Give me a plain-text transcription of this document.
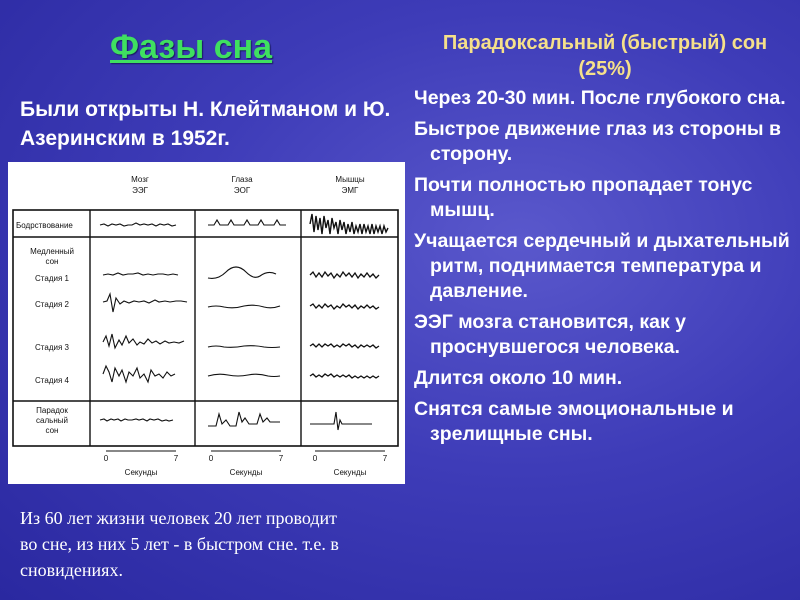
Фазы сна
Были открыты Н. Клейтманом и Ю. Азеринским в 1952г.
Мозг
ЭЭГ
Глаза
ЭОГ
Мышцы
ЭМГ
Бодрствование
Медленный
сон
Стадия 1
Стадия 2
Стадия 3
Стадия 4
Парадок
сальный
сон
0	7
Секунды
0	7
Секунды
0	7
Секунды
Из 60 лет жизни человек 20 лет проводит во сне, из них 5 лет - в быстром сне. т.е. в сновидениях.
Парадоксальный (быстрый) сон (25%)
Через 20-30 мин. После глубокого сна.
Быстрое движение глаз из стороны в сторону.
Почти полностью пропадает тонус мышц.
Учащается сердечный и дыхательный ритм, поднимается температура и давление.
ЭЭГ мозга становится, как у проснувшегося человека.
Длится около 10 мин.
Снятся самые эмоциональные и зрелищные сны.
